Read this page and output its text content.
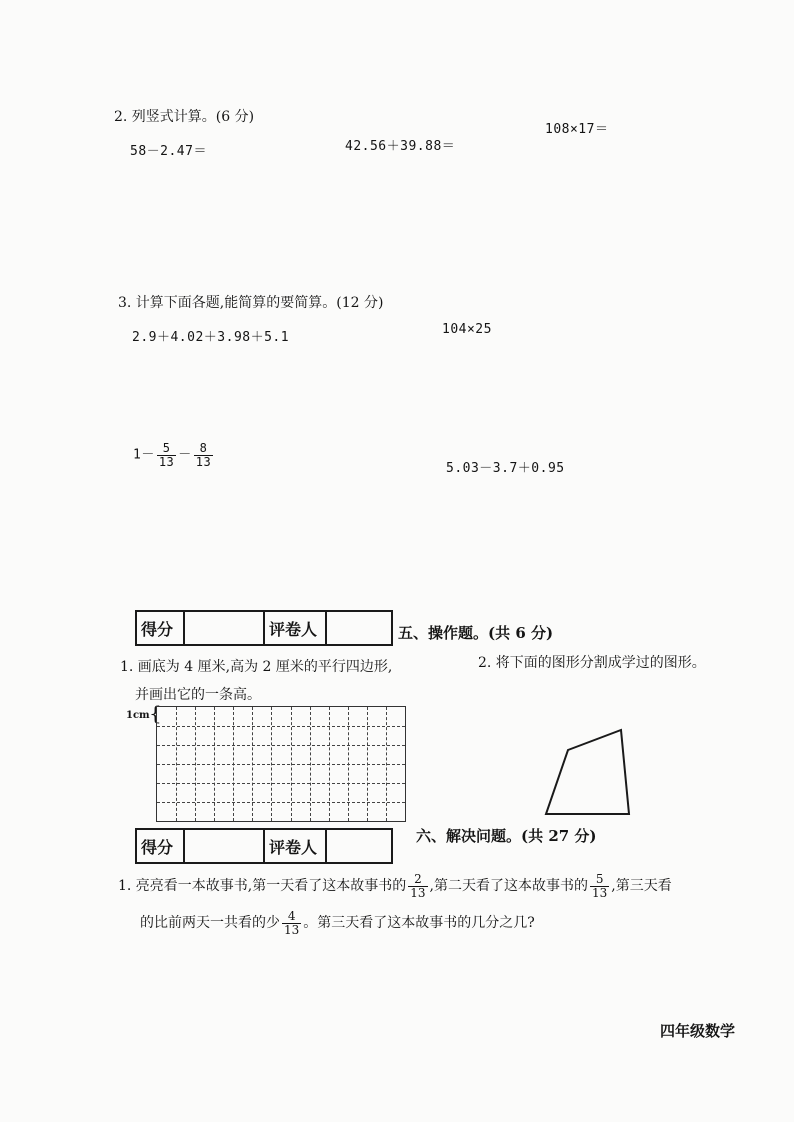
2. 列竖式计算。(6 分)
58－2.47＝	42.56＋39.88＝
108×17＝
3. 计算下面各题,能简算的要简算。(12 分)
2.9＋4.02＋3.98＋5.1
104×25
$1- \frac{5}{13} - \frac{8}{13}$
5.03－3.7＋0.95
得分		评卷人		五、操作题。(共 6 分)
1. 画底为 4 厘米,高为 2 厘米的平行四边形,
并画出它的一条高。
2. 将下面的图形分割成学过的图形。
1cm {
得分		评卷人	
六、解决问题。(共 27 分)
1. 亮亮看一本故事书,第一天看了这本故事书的 $\frac{2}{13}$ ,第二天看了这本故事书的 $\frac{5}{13}$ ,第三天看
的比前两天一共看的少 $\frac{4}{13}$ 。第三天看了这本故事书的几分之几?
四年级数学
